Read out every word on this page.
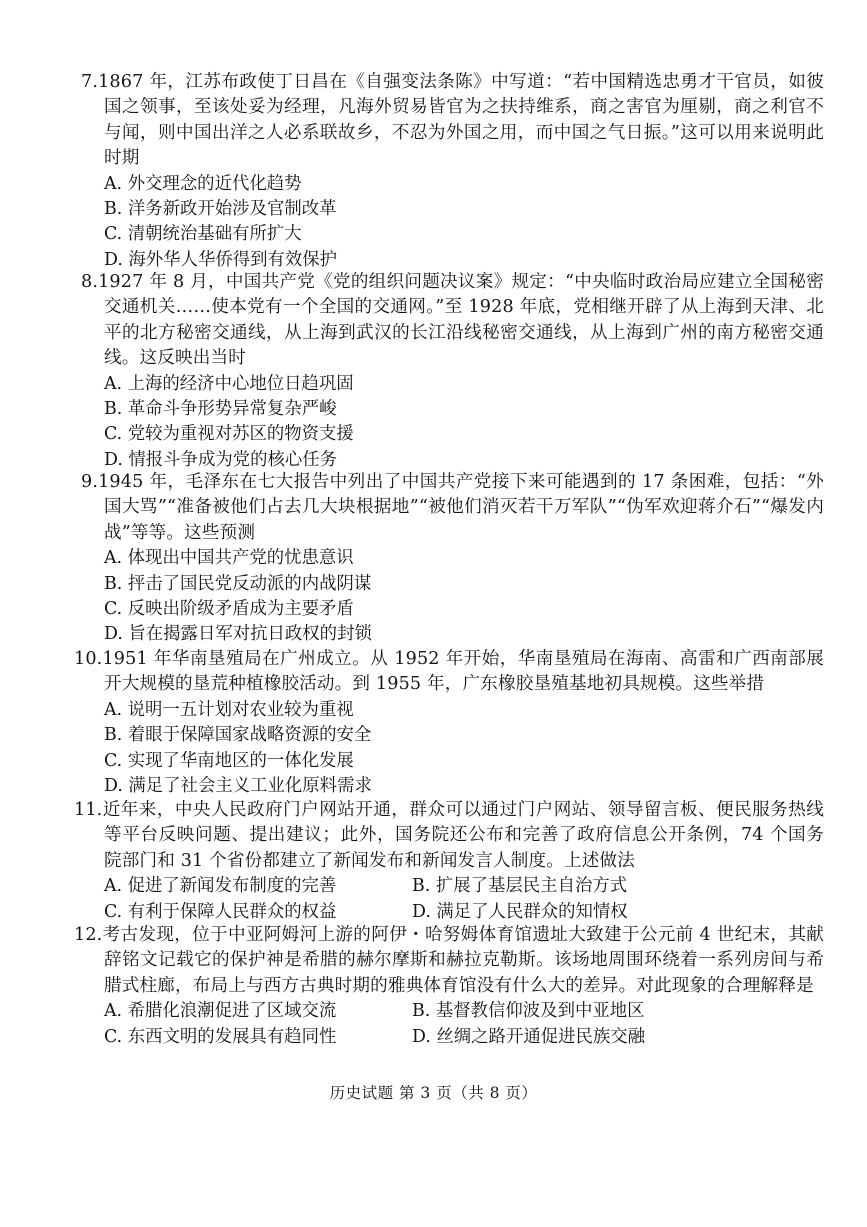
7.1867 年，江苏布政使丁日昌在《自强变法条陈》中写道：“若中国精选忠勇才干官员，如彼国之领事，至该处妥为经理，凡海外贸易皆官为之扶持维系，商之害官为厘剔，商之利官不与闻，则中国出洋之人必系联故乡，不忍为外国之用，而中国之气日振。”这可以用来说明此时期
A. 外交理念的近代化趋势
B. 洋务新政开始涉及官制改革
C. 清朝统治基础有所扩大
D. 海外华人华侨得到有效保护
8.1927 年 8 月，中国共产党《党的组织问题决议案》规定：“中央临时政治局应建立全国秘密交通机关……使本党有一个全国的交通网。”至 1928 年底，党相继开辟了从上海到天津、北平的北方秘密交通线，从上海到武汉的长江沿线秘密交通线，从上海到广州的南方秘密交通线。这反映出当时
A. 上海的经济中心地位日趋巩固
B. 革命斗争形势异常复杂严峻
C. 党较为重视对苏区的物资支援
D. 情报斗争成为党的核心任务
9.1945 年，毛泽东在七大报告中列出了中国共产党接下来可能遇到的 17 条困难，包括：“外国大骂”“准备被他们占去几大块根据地”“被他们消灭若干万军队”“伪军欢迎蒋介石”“爆发内战”等等。这些预测
A. 体现出中国共产党的忧患意识
B. 抨击了国民党反动派的内战阴谋
C. 反映出阶级矛盾成为主要矛盾
D. 旨在揭露日军对抗日政权的封锁
10.1951 年华南垦殖局在广州成立。从 1952 年开始，华南垦殖局在海南、高雷和广西南部展开大规模的垦荒种植橡胶活动。到 1955 年，广东橡胶垦殖基地初具规模。这些举措
A. 说明一五计划对农业较为重视
B. 着眼于保障国家战略资源的安全
C. 实现了华南地区的一体化发展
D. 满足了社会主义工业化原料需求
11.近年来，中央人民政府门户网站开通，群众可以通过门户网站、领导留言板、便民服务热线等平台反映问题、提出建议；此外，国务院还公布和完善了政府信息公开条例，74 个国务院部门和 31 个省份都建立了新闻发布和新闻发言人制度。上述做法
A. 促进了新闻发布制度的完善	B. 扩展了基层民主自治方式
C. 有利于保障人民群众的权益	D. 满足了人民群众的知情权
12.考古发现，位于中亚阿姆河上游的阿伊・哈努姆体育馆遗址大致建于公元前 4 世纪末，其献辞铭文记载它的保护神是希腊的赫尔摩斯和赫拉克勒斯。该场地周围环绕着一系列房间与希腊式柱廊，布局上与西方古典时期的雅典体育馆没有什么大的差异。对此现象的合理解释是
A. 希腊化浪潮促进了区域交流	B. 基督教信仰波及到中亚地区
C. 东西文明的发展具有趋同性	D. 丝绸之路开通促进民族交融
历史试题 第 3 页（共 8 页）
